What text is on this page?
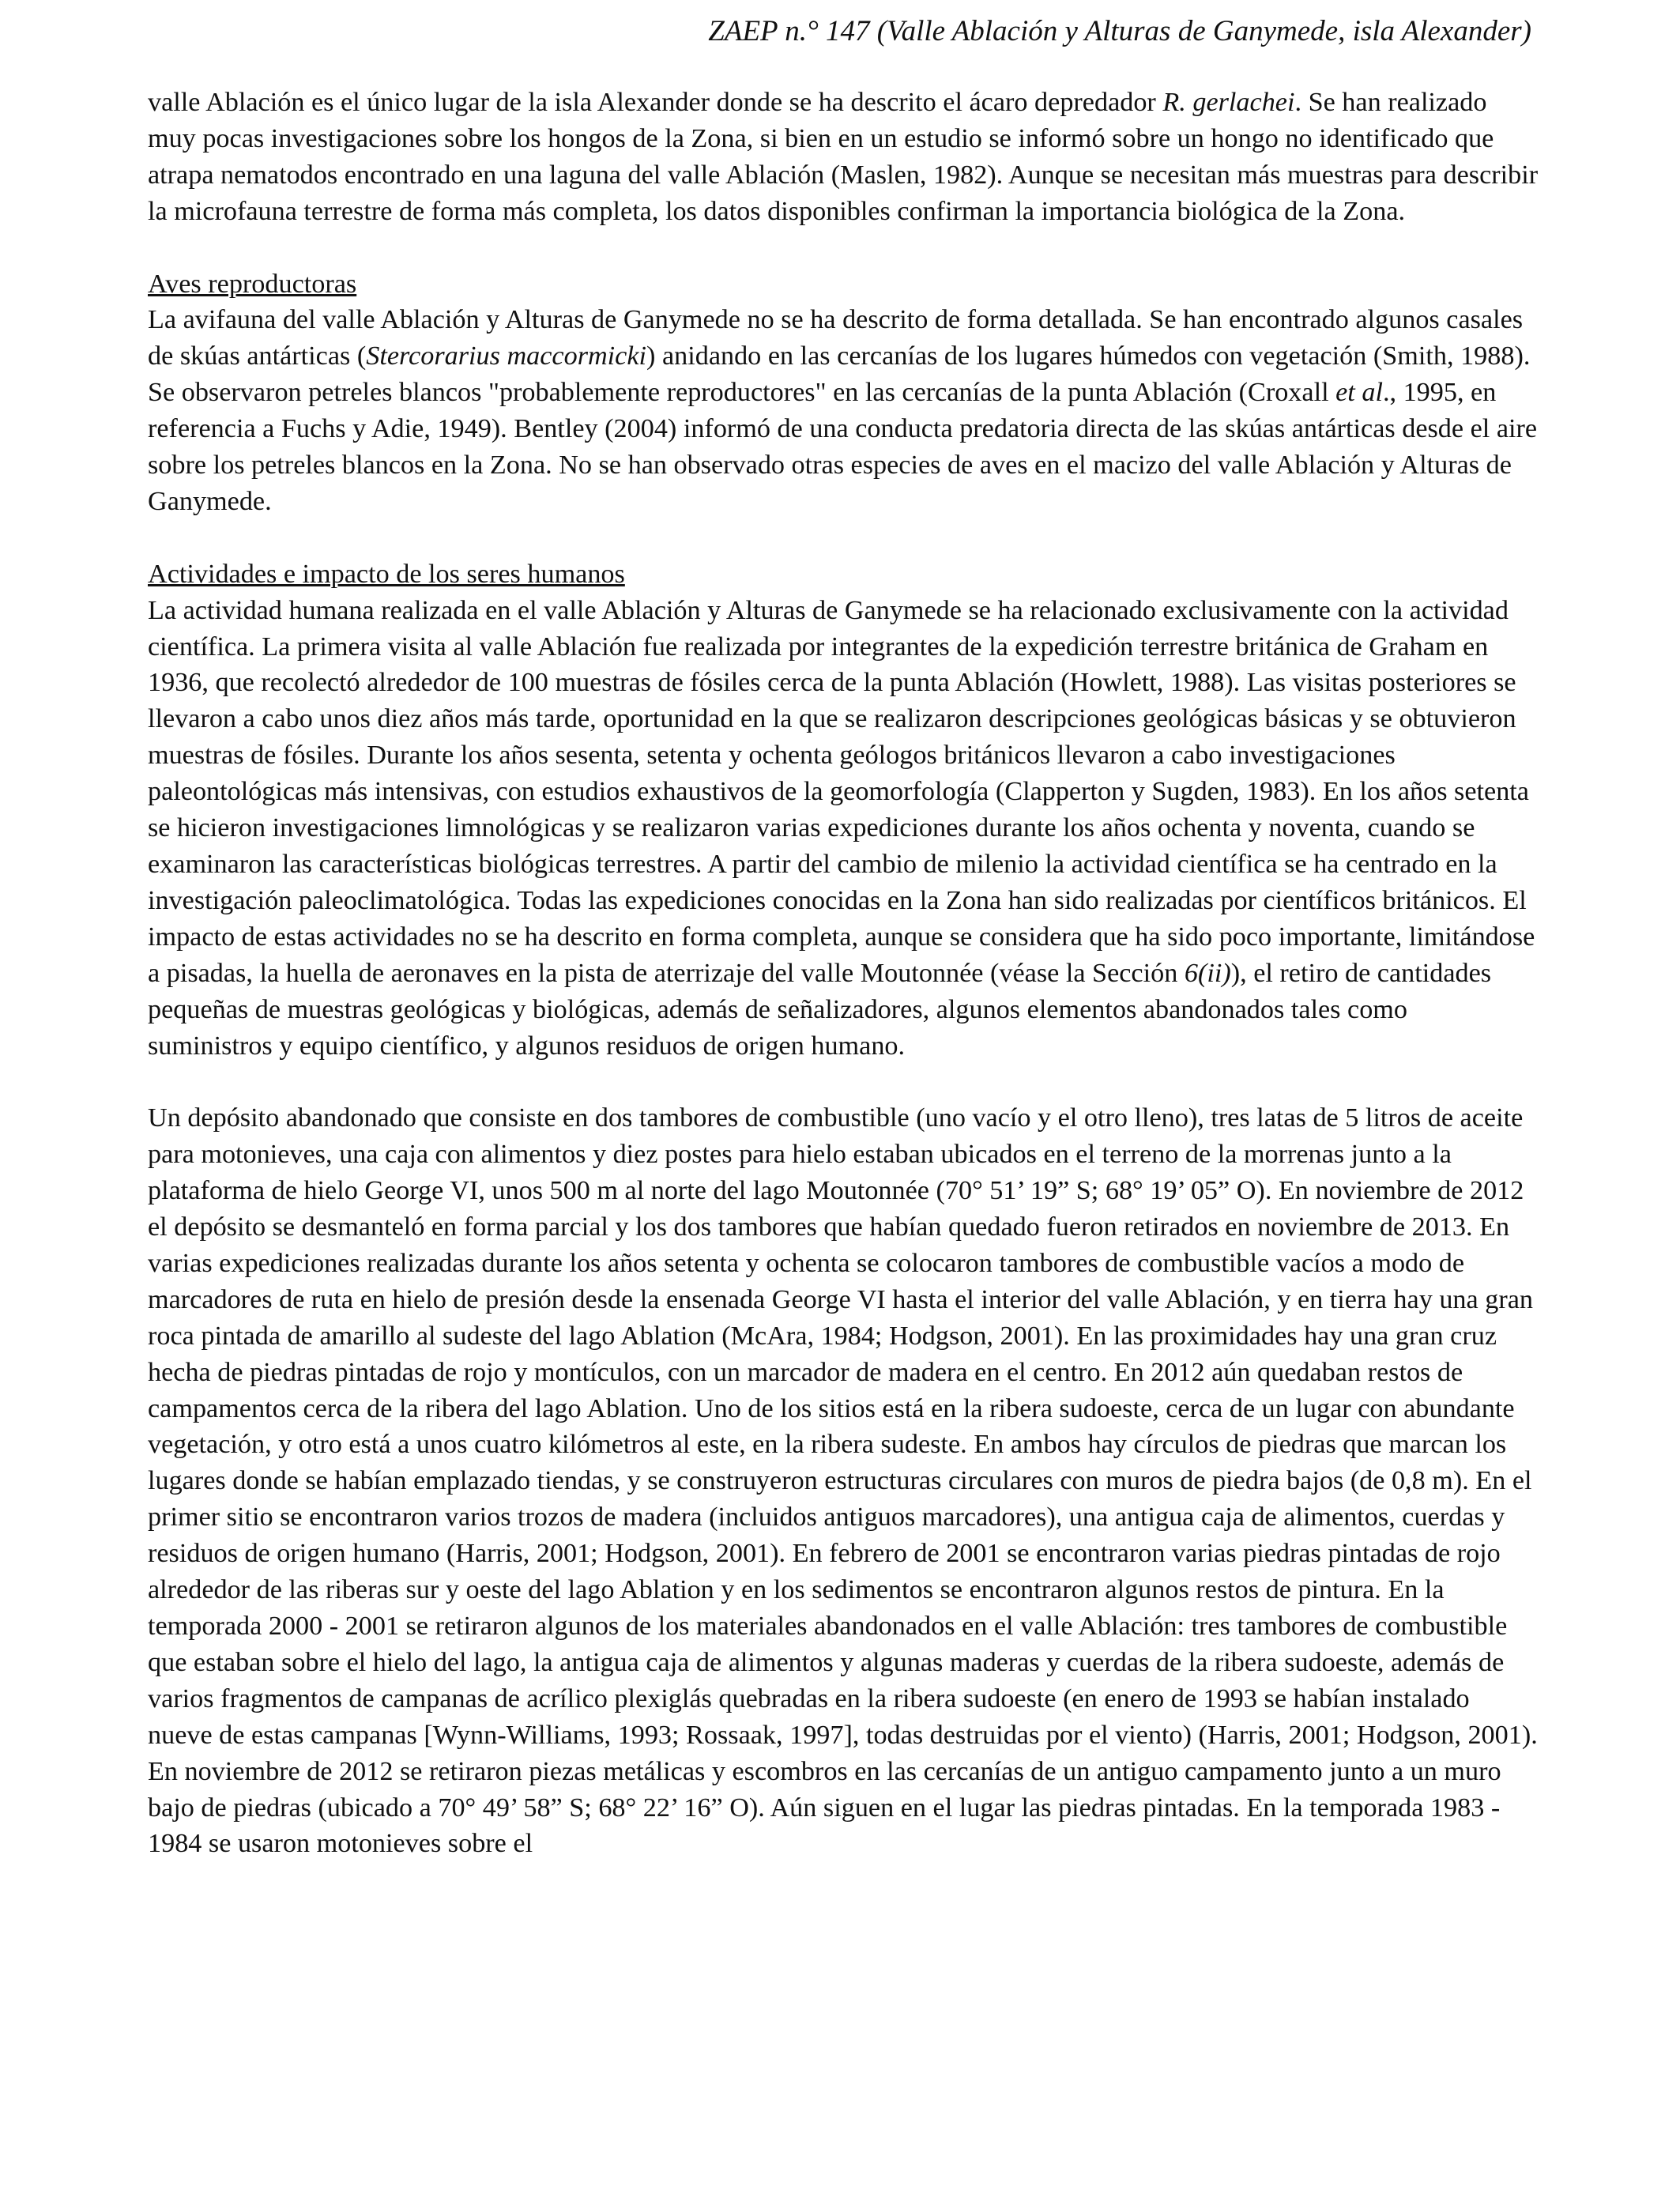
ZAEP n.° 147 (Valle Ablación y Alturas de Ganymede, isla Alexander)

valle Ablación es el único lugar de la isla Alexander donde se ha descrito el ácaro depredador R. gerlachei. Se han realizado muy pocas investigaciones sobre los hongos de la Zona, si bien en un estudio se informó sobre un hongo no identificado que atrapa nematodos encontrado en una laguna del valle Ablación (Maslen, 1982). Aunque se necesitan más muestras para describir la microfauna terrestre de forma más completa, los datos disponibles confirman la importancia biológica de la Zona.

Aves reproductoras

La avifauna del valle Ablación y Alturas de Ganymede no se ha descrito de forma detallada. Se han encontrado algunos casales de skúas antárticas (Stercorarius maccormicki) anidando en las cercanías de los lugares húmedos con vegetación (Smith, 1988). Se observaron petreles blancos "probablemente reproductores" en las cercanías de la punta Ablación (Croxall et al., 1995, en referencia a Fuchs y Adie, 1949). Bentley (2004) informó de una conducta predatoria directa de las skúas antárticas desde el aire sobre los petreles blancos en la Zona. No se han observado otras especies de aves en el macizo del valle Ablación y Alturas de Ganymede.

Actividades e impacto de los seres humanos

La actividad humana realizada en el valle Ablación y Alturas de Ganymede se ha relacionado exclusivamente con la actividad científica. La primera visita al valle Ablación fue realizada por integrantes de la expedición terrestre británica de Graham en 1936, que recolectó alrededor de 100 muestras de fósiles cerca de la punta Ablación (Howlett, 1988). Las visitas posteriores se llevaron a cabo unos diez años más tarde, oportunidad en la que se realizaron descripciones geológicas básicas y se obtuvieron muestras de fósiles. Durante los años sesenta, setenta y ochenta geólogos británicos llevaron a cabo investigaciones paleontológicas más intensivas, con estudios exhaustivos de la geomorfología (Clapperton y Sugden, 1983). En los años setenta se hicieron investigaciones limnológicas y se realizaron varias expediciones durante los años ochenta y noventa, cuando se examinaron las características biológicas terrestres. A partir del cambio de milenio la actividad científica se ha centrado en la investigación paleoclimatológica. Todas las expediciones conocidas en la Zona han sido realizadas por científicos británicos. El impacto de estas actividades no se ha descrito en forma completa, aunque se considera que ha sido poco importante, limitándose a pisadas, la huella de aeronaves en la pista de aterrizaje del valle Moutonnée (véase la Sección 6(ii)), el retiro de cantidades pequeñas de muestras geológicas y biológicas, además de señalizadores, algunos elementos abandonados tales como suministros y equipo científico, y algunos residuos de origen humano.

Un depósito abandonado que consiste en dos tambores de combustible (uno vacío y el otro lleno), tres latas de 5 litros de aceite para motonieves, una caja con alimentos y diez postes para hielo estaban ubicados en el terreno de la morrenas junto a la plataforma de hielo George VI, unos 500 m al norte del lago Moutonnée (70° 51’ 19” S; 68° 19’ 05” O). En noviembre de 2012 el depósito se desmanteló en forma parcial y los dos tambores que habían quedado fueron retirados en noviembre de 2013. En varias expediciones realizadas durante los años setenta y ochenta se colocaron tambores de combustible vacíos a modo de marcadores de ruta en hielo de presión desde la ensenada George VI hasta el interior del valle Ablación, y en tierra hay una gran roca pintada de amarillo al sudeste del lago Ablation (McAra, 1984; Hodgson, 2001). En las proximidades hay una gran cruz hecha de piedras pintadas de rojo y montículos, con un marcador de madera en el centro. En 2012 aún quedaban restos de campamentos cerca de la ribera del lago Ablation. Uno de los sitios está en la ribera sudoeste, cerca de un lugar con abundante vegetación, y otro está a unos cuatro kilómetros al este, en la ribera sudeste. En ambos hay círculos de piedras que marcan los lugares donde se habían emplazado tiendas, y se construyeron estructuras circulares con muros de piedra bajos (de 0,8 m). En el primer sitio se encontraron varios trozos de madera (incluidos antiguos marcadores), una antigua caja de alimentos, cuerdas y residuos de origen humano (Harris, 2001; Hodgson, 2001). En febrero de 2001 se encontraron varias piedras pintadas de rojo alrededor de las riberas sur y oeste del lago Ablation y en los sedimentos se encontraron algunos restos de pintura. En la temporada 2000 - 2001 se retiraron algunos de los materiales abandonados en el valle Ablación: tres tambores de combustible que estaban sobre el hielo del lago, la antigua caja de alimentos y algunas maderas y cuerdas de la ribera sudoeste, además de varios fragmentos de campanas de acrílico plexiglás quebradas en la ribera sudoeste (en enero de 1993 se habían instalado nueve de estas campanas [Wynn-Williams, 1993; Rossaak, 1997], todas destruidas por el viento) (Harris, 2001; Hodgson, 2001). En noviembre de 2012 se retiraron piezas metálicas y escombros en las cercanías de un antiguo campamento junto a un muro bajo de piedras (ubicado a 70° 49’ 58” S; 68° 22’ 16” O). Aún siguen en el lugar las piedras pintadas. En la temporada 1983 - 1984 se usaron motonieves sobre el
